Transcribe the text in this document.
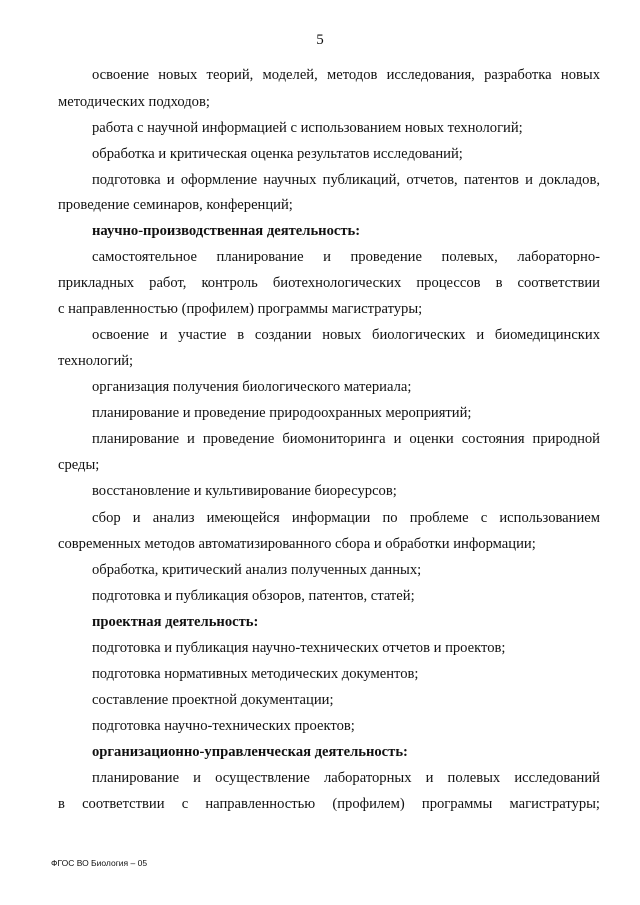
5
освоение новых теорий, моделей, методов исследования, разработка новых
методических подходов;
работа с научной информацией с использованием новых технологий;
обработка и критическая оценка результатов исследований;
подготовка и оформление научных публикаций, отчетов, патентов и докладов,
проведение семинаров, конференций;
научно-производственная деятельность:
самостоятельное планирование и проведение полевых, лабораторно-
прикладных работ, контроль биотехнологических процессов в соответствии
с направленностью (профилем) программы магистратуры;
освоение и участие в создании новых биологических и биомедицинских
технологий;
организация получения биологического материала;
планирование и проведение природоохранных мероприятий;
планирование и проведение биомониторинга и оценки состояния природной
среды;
восстановление и культивирование биоресурсов;
сбор и анализ имеющейся информации по проблеме с использованием
современных методов автоматизированного сбора и обработки информации;
обработка, критический анализ полученных данных;
подготовка и публикация обзоров, патентов, статей;
проектная деятельность:
подготовка и публикация научно-технических отчетов и проектов;
подготовка нормативных методических документов;
составление проектной документации;
подготовка научно-технических проектов;
организационно-управленческая деятельность:
планирование и осуществление лабораторных и полевых исследований
в соответствии с направленностью (профилем) программы магистратуры;
ФГОС ВО Биология – 05
